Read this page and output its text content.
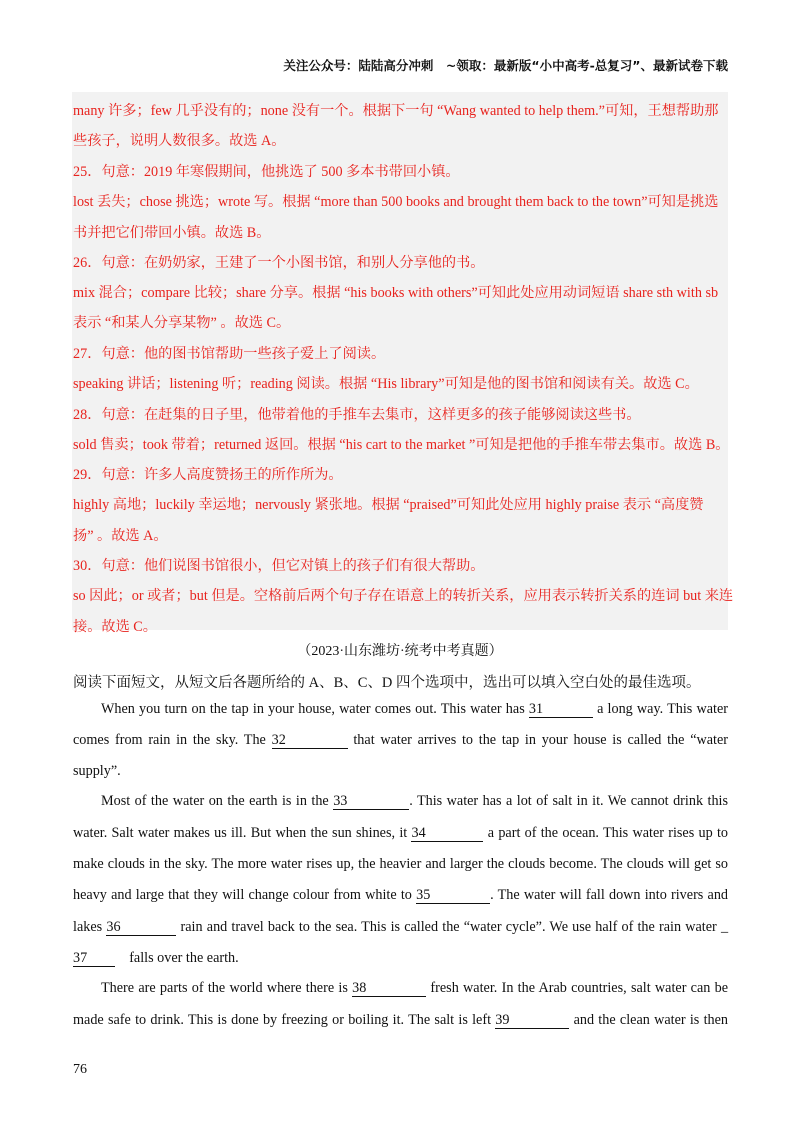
关注公众号：陆陆高分冲刺　~领取：最新版“小中高考-总复习”、最新试卷下载
many 许多；few 几乎没有的；none 没有一个。根据下一句 “Wang wanted to help them.”可知，王想帮助那
些孩子，说明人数很多。故选 A。
25．句意：2019 年寒假期间，他挑选了 500 多本书带回小镇。
lost 丢失；chose 挑选；wrote 写。根据 “more than 500 books and brought them back to the town”可知是挑选
书并把它们带回小镇。故选 B。
26．句意：在奶奶家，王建了一个小图书馆，和别人分享他的书。
mix 混合；compare 比较；share 分享。根据 “his books with others”可知此处应用动词短语 share sth with sb
表示 “和某人分享某物” 。故选 C。
27．句意：他的图书馆帮助一些孩子爱上了阅读。
speaking 讲话；listening 听；reading 阅读。根据 “His library”可知是他的图书馆和阅读有关。故选 C。
28．句意：在赶集的日子里，他带着他的手推车去集市，这样更多的孩子能够阅读这些书。
sold 售卖；took 带着；returned 返回。根据 “his cart to the market ”可知是把他的手推车带去集市。故选 B。
29．句意：许多人高度赞扬王的所作所为。
highly 高地；luckily 幸运地；nervously 紧张地。根据 “praised”可知此处应用 highly praise 表示 “高度赞
扬” 。故选 A。
30．句意：他们说图书馆很小，但它对镇上的孩子们有很大帮助。
so 因此；or 或者；but 但是。空格前后两个句子存在语意上的转折关系，应用表示转折关系的连词 but 来连
接。故选 C。
（2023·山东潍坊·统考中考真题）
阅读下面短文，从短文后各题所给的 A、B、C、D 四个选项中，选出可以填入空白处的最佳选项。
When you turn on the tap in your house, water comes out. This water has 31	a long way. This water
comes from rain in the sky. The 32	that water arrives to the tap in your house is called the “water
supply”.
Most of the water on the earth is in the 33	. This water has a lot of salt in it. We cannot drink this
water. Salt water makes us ill. But when the sun shines, it 34	a part of the ocean. This water rises up to
make clouds in the sky. The more water rises up, the heavier and larger the clouds become. The clouds will get so
heavy and large that they will change colour from white to 35	. The water will fall down into rivers and
lakes 36	rain and travel back to the sea. This is called the “water cycle”. We use half of the rain water _
37	falls over the earth.
There are parts of the world where there is 38	fresh water. In the Arab countries, salt water can be
made safe to drink. This is done by freezing or boiling it. The salt is left 39	and the clean water is then
76
